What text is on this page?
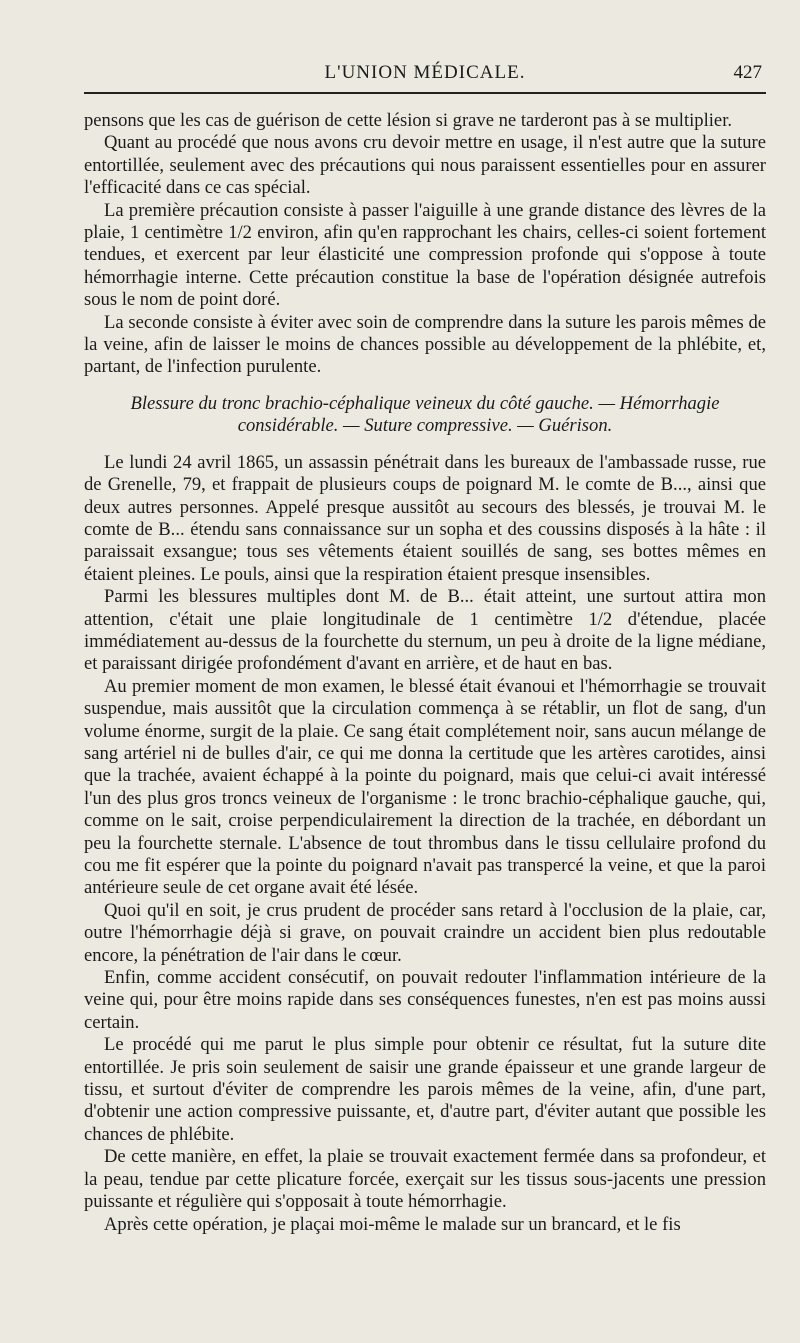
L'UNION MÉDICALE.	427

pensons que les cas de guérison de cette lésion si grave ne tarderont pas à se multiplier.

Quant au procédé que nous avons cru devoir mettre en usage, il n'est autre que la suture entortillée, seulement avec des précautions qui nous paraissent essentielles pour en assurer l'efficacité dans ce cas spécial.

La première précaution consiste à passer l'aiguille à une grande distance des lèvres de la plaie, 1 centimètre 1/2 environ, afin qu'en rapprochant les chairs, celles-ci soient fortement tendues, et exercent par leur élasticité une compression profonde qui s'oppose à toute hémorrhagie interne. Cette précaution constitue la base de l'opération désignée autrefois sous le nom de point doré.

La seconde consiste à éviter avec soin de comprendre dans la suture les parois mêmes de la veine, afin de laisser le moins de chances possible au développement de la phlébite, et, partant, de l'infection purulente.

Blessure du tronc brachio-céphalique veineux du côté gauche. — Hémorrhagie considérable. — Suture compressive. — Guérison.

Le lundi 24 avril 1865, un assassin pénétrait dans les bureaux de l'ambassade russe, rue de Grenelle, 79, et frappait de plusieurs coups de poignard M. le comte de B..., ainsi que deux autres personnes. Appelé presque aussitôt au secours des blessés, je trouvai M. le comte de B... étendu sans connaissance sur un sopha et des coussins disposés à la hâte : il paraissait exsangue; tous ses vêtements étaient souillés de sang, ses bottes mêmes en étaient pleines. Le pouls, ainsi que la respiration étaient presque insensibles.

Parmi les blessures multiples dont M. de B... était atteint, une surtout attira mon attention, c'était une plaie longitudinale de 1 centimètre 1/2 d'étendue, placée immédiatement au-dessus de la fourchette du sternum, un peu à droite de la ligne médiane, et paraissant dirigée profondément d'avant en arrière, et de haut en bas.

Au premier moment de mon examen, le blessé était évanoui et l'hémorrhagie se trouvait suspendue, mais aussitôt que la circulation commença à se rétablir, un flot de sang, d'un volume énorme, surgit de la plaie. Ce sang était complétement noir, sans aucun mélange de sang artériel ni de bulles d'air, ce qui me donna la certitude que les artères carotides, ainsi que la trachée, avaient échappé à la pointe du poignard, mais que celui-ci avait intéressé l'un des plus gros troncs veineux de l'organisme : le tronc brachio-céphalique gauche, qui, comme on le sait, croise perpendiculairement la direction de la trachée, en débordant un peu la fourchette sternale. L'absence de tout thrombus dans le tissu cellulaire profond du cou me fit espérer que la pointe du poignard n'avait pas transpercé la veine, et que la paroi antérieure seule de cet organe avait été lésée.

Quoi qu'il en soit, je crus prudent de procéder sans retard à l'occlusion de la plaie, car, outre l'hémorrhagie déjà si grave, on pouvait craindre un accident bien plus redoutable encore, la pénétration de l'air dans le cœur.

Enfin, comme accident consécutif, on pouvait redouter l'inflammation intérieure de la veine qui, pour être moins rapide dans ses conséquences funestes, n'en est pas moins aussi certain.

Le procédé qui me parut le plus simple pour obtenir ce résultat, fut la suture dite entortillée. Je pris soin seulement de saisir une grande épaisseur et une grande largeur de tissu, et surtout d'éviter de comprendre les parois mêmes de la veine, afin, d'une part, d'obtenir une action compressive puissante, et, d'autre part, d'éviter autant que possible les chances de phlébite.

De cette manière, en effet, la plaie se trouvait exactement fermée dans sa profondeur, et la peau, tendue par cette plicature forcée, exerçait sur les tissus sous-jacents une pression puissante et régulière qui s'opposait à toute hémorrhagie.

Après cette opération, je plaçai moi-même le malade sur un brancard, et le fis
